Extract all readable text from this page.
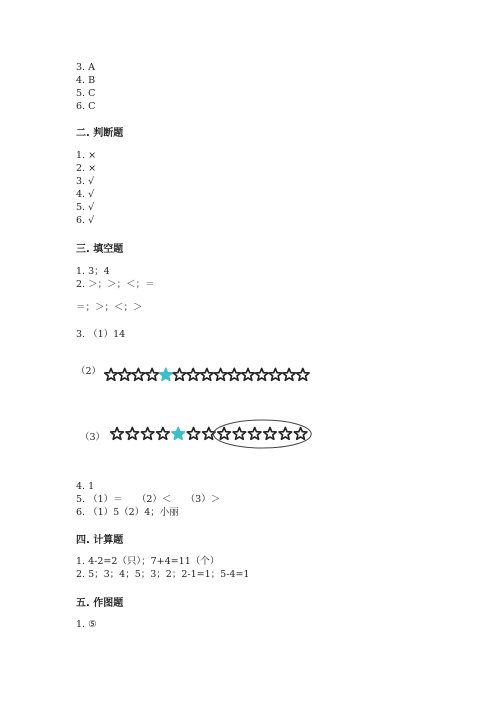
3. A
4. B
5. C
6. C
二. 判断题
1. ×
2. ×
3. √
4. √
5. √
6. √
三. 填空题
1. 3；4
2. ＞；＞；＜；＝
＝；＞；＜；＞
3. （1）14
（2）
（3）
4. 1
5. （1）＝　　（2）＜　　（3）＞
6. （1）5（2）4；小丽
四. 计算题
1. 4-2=2（只）；7+4=11（个）
2. 5；3；4；5；3；2；2-1=1；5-4=1
五. 作图题
1. ⑤
